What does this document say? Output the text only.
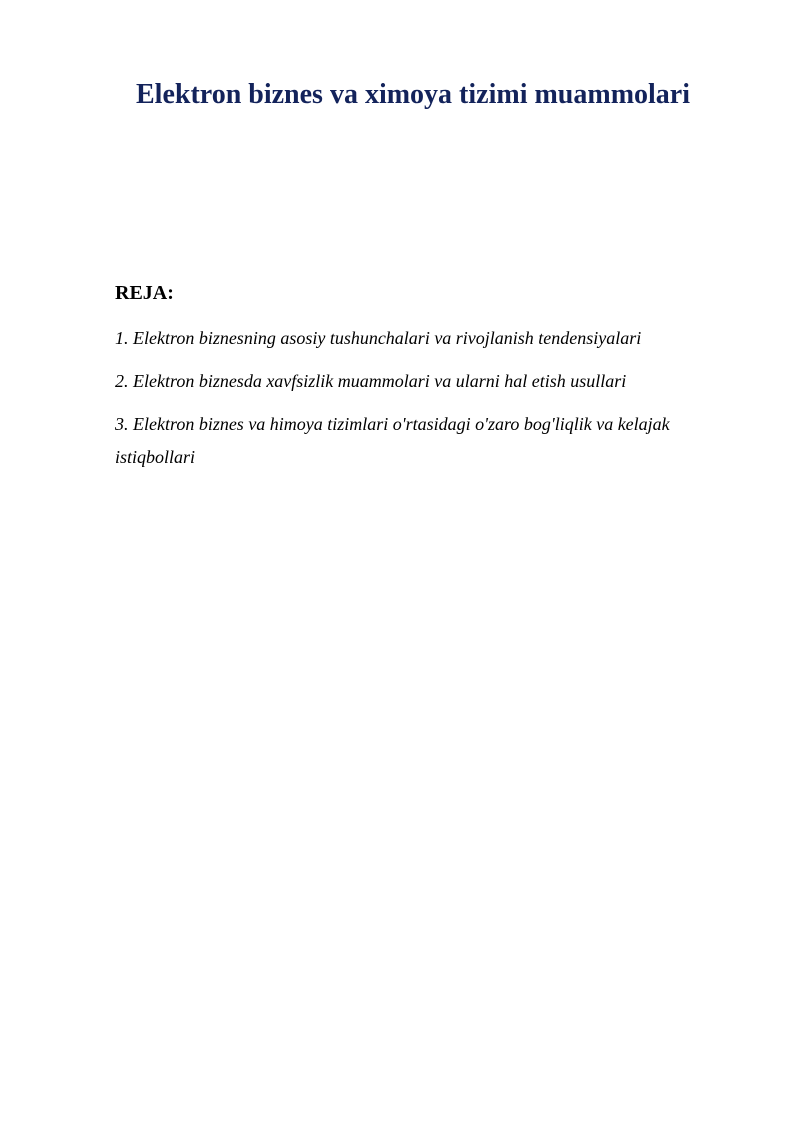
Elektron biznes va ximoya tizimi muammolari

REJA:

1. Elektron biznesning asosiy tushunchalari va rivojlanish tendensiyalari
2. Elektron biznesda xavfsizlik muammolari va ularni hal etish usullari
3. Elektron biznes va himoya tizimlari o'rtasidagi o'zaro bog'liqlik va kelajak istiqbollari
